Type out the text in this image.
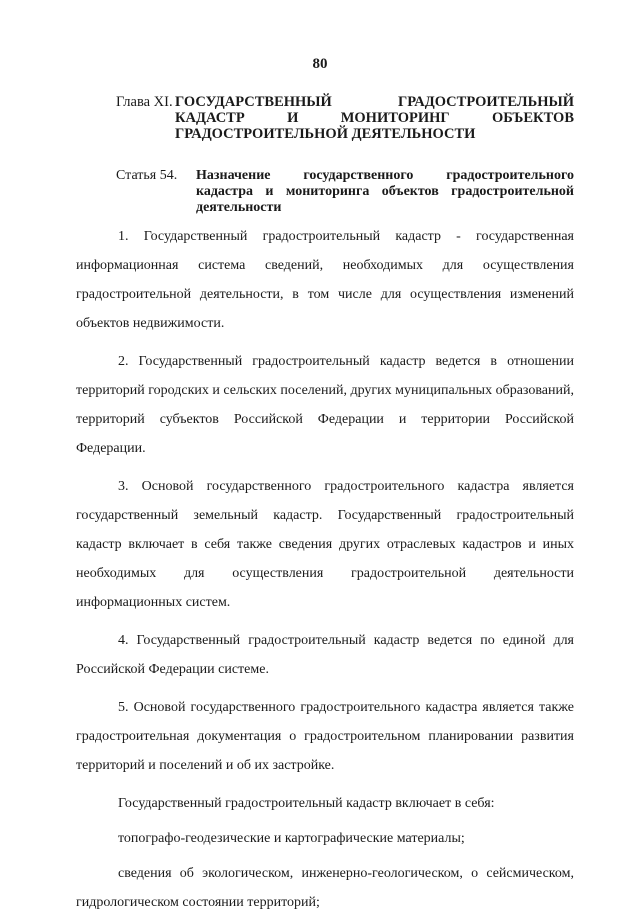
80
Глава XI. ГОСУДАРСТВЕННЫЙ ГРАДОСТРОИТЕЛЬНЫЙ КАДАСТР И МОНИТОРИНГ ОБЪЕКТОВ ГРАДОСТРОИТЕЛЬНОЙ ДЕЯТЕЛЬНОСТИ
Статья 54. Назначение государственного градостроительного кадастра и мониторинга объектов градостроительной деятельности

1. Государственный градостроительный кадастр - государственная информационная система сведений, необходимых для осуществления градостроительной деятельности, в том числе для осуществления изменений объектов недвижимости.

2. Государственный градостроительный кадастр ведется в отношении территорий городских и сельских поселений, других муниципальных образований, территорий субъектов Российской Федерации и территории Российской Федерации.

3. Основой государственного градостроительного кадастра является государственный земельный кадастр. Государственный градостроительный кадастр включает в себя также сведения других отраслевых кадастров и иных необходимых для осуществления градостроительной деятельности информационных систем.

4. Государственный градостроительный кадастр ведется по единой для Российской Федерации системе.

5. Основой государственного градостроительного кадастра является также градостроительная документация о градостроительном планировании развития территорий и поселений и об их застройке.

Государственный градостроительный кадастр включает в себя:

топографо-геодезические и картографические материалы;

сведения об экологическом, инженерно-геологическом, о сейсмическом, гидрологическом состоянии территорий;
